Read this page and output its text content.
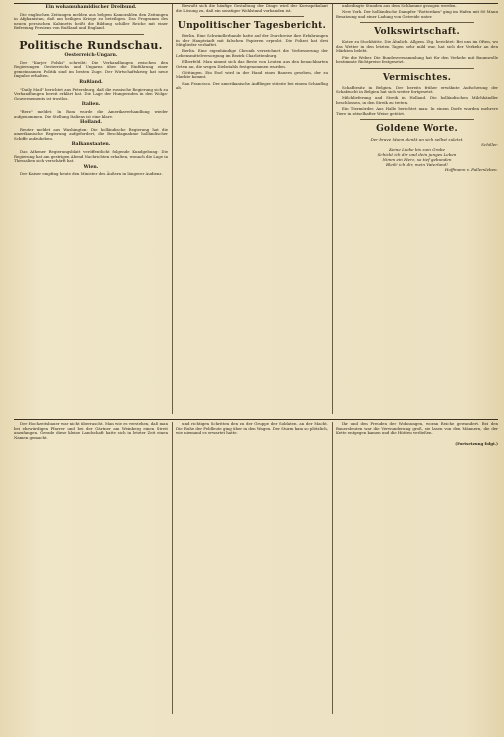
Ein wohamuhamidischer Dreibund.

Die englischen Zeitungen melden aus belgem Kamorablen den Zeitungen in Afghanistan, daß am heiligen Kriege zu beteiligen. Das Programm des neuen persischen Kabinetts heißt die Bildung schiller Reiche mit einer Befreiung Persiens von Rußland und England.

Politische Rundschau.
Oesterreich-Ungarn.

Der "Kurjer Polski" schreibt: Die Verhandlungen zwischen den Regierungen Oesterreichs und Ungarns über die Einführung einer gemeinsamen Politik sind im besten Zuge. Der Wirtschaftskrieg hat neue Impulse erhalten.

Rußland.

"Daily Mail" berichtet aus Petersburg, daß die russische Regierung sich zu Verhandlungen bereit erklärt hat. Die Lage der Hungernden in den Wolga-Gouvernements ist trostlos.

Italien.

"Berz" meldet: In Rom wurde die Amerikaverhandlung wieder aufgenommen. Die Stellung Italiens ist eine klare.

Holland.

Reuter meldet aus Washington: Die holländische Regierung hat die amerikanische Regierung aufgefordert, die Beschlagnahme holländischer Schiffe aufzuheben.

Balkanstaaten.

Das Athener Regierungsblatt veröffentlicht folgende Kundgebung: Die Regierung hat am gestrigen Abend Nachrichten erhalten, wonach die Lage in Thessalien sich verschärft hat.

Wien.

Der Kaiser empfing heute den Minister des Äußern in längerer Audienz.

Bewußt sich die häufige Gestaltung der Dinge wird der Kornspekulant die Lösung zu, daß ein sonstiger Wohlstand vorhanden ist.

Unpolitischer Tagesbericht.

Berlin. Eine Schwindlerbande hatte auf der Durchreise ihre Erfahrungen in der Hauptstadt mit falschen Papieren erprobt. Die Polizei hat drei Mitglieder verhaftet.

Berlin. Eine eigenhändige Chronik verzeichnet die Verbesserung der Lebensmittelversorgung im Bezirk Charlottenburg.

Elberfeld. Man nimmt sich das Beste von Leuten aus den benachbarten Orten an, die wegen Diebstahls festgenommen wurden.

Göttingen. Ein Esel wird in der Hand eines Bauern gesehen, der zu Markte kommt.

San Francisco. Der amerikanische Aufflieger stürzte bei einem Schauflug ab.

unbedingte Stunden aus dem Schlamme gezogen werden.

New York. Der holländische Dampfer "Rotterdam" ging im Hafen mit 80 Mann Besatzung und einer Ladung von Getreide unter.

Volkswirtschaft.

Kotze zu Stockhütte. Die Ähnlich. Allgem. Ztg. berichtet: Bei uns im Often, wo das Wetter in den letzten Tagen sehr mild war, hat sich der Verkehr an den Märkten belebt.

Für die Weber. Die Bundesversammlung hat für den Verkehr mit Baumwolle bestimmte Richtpreise festgesetzt.

Vermischtes.

Schafbesitz in Belgien. Der bereits früher erwähnte Aufschwung der Schafzucht in Belgien hat sich weiter fortgesetzt.

Milchlieferung und Streik in Holland. Die holländischen Milchhändler beschlossen, in den Streik zu treten.

Ein Tiermörder. Aus Halle berichtet man: In einem Dorfe wurden mehrere Tiere in rätselhafter Weise getötet.

Goldene Worte.
Der brave Mann denkt an sich selbst zuletzt.
Schiller.
Keine Liebe bis zum Grabe
Schickt ich dir und dein junges Leben
Nimm ein Herz, so tief gebunden
Bleib' ich dir, mein Vaterland!
Hoffmann v. Fallersleben.

Der Hochzeitsbauer war nicht überrascht. Man wie es verstehen, daß man bei ehrwürdigen Pfarrer und bei der Gärtner am Weinberg einen Streit anzufangen. Gerade diese kleine Landschaft hatte sich in letzter Zeit einen Namen gemacht.

und richtigen Schritten den zu der Gruppe der Soldaten. an der Macht. Die Ruhe der Feldleute ging über in den Wagen. Der Sturm kam so plötzlich, wie niemand es erwartet hatte.

Ihr und den Freuden der Wohnungen, woran Reiche gewandert. Bei den Bauersleuten war die Verwunderung groß, sie lasen von den Männern, die der Kette entgegen kamen und die Hütten verließen.

(Fortsetzung folgt.)
